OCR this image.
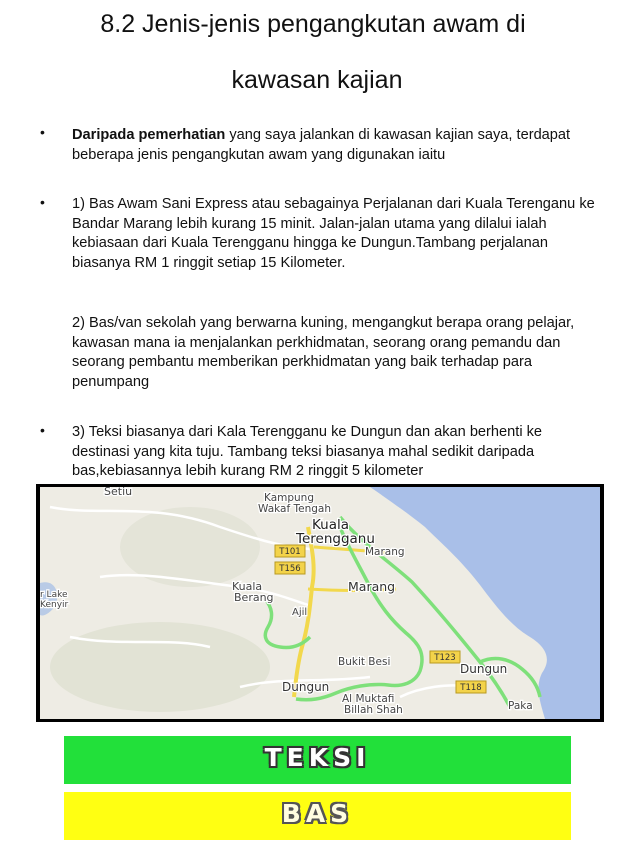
8.2 Jenis-jenis pengangkutan awam di
kawasan kajian
• Daripada pemerhatian yang saya jalankan di kawasan kajian saya, terdapat beberapa jenis pengangkutan awam yang digunakan iaitu

• 1) Bas Awam Sani Express atau sebagainya Perjalanan dari Kuala Terenganu ke Bandar Marang lebih kurang 15 minit. Jalan-jalan utama yang dilalui ialah kebiasaan dari Kuala Terengganu hingga ke Dungun.Tambang perjalanan biasanya RM 1 ringgit setiap 15 Kilometer.

2) Bas/van sekolah yang berwarna kuning, mengangkut berapa orang pelajar, kawasan mana ia menjalankan perkhidmatan, seorang orang pemandu dan seorang pembantu memberikan perkhidmatan yang baik terhadap para penumpang

• 3) Teksi biasanya dari Kala Terengganu ke Dungun dan akan berhenti ke destinasi yang kita tuju. Tambang teksi biasanya mahal sedikit daripada bas,kebiasannya lebih kurang RM 2 ringgit 5 kilometer

T101
T156
T123
T118
Setiu	Kampung
Wakaf Tengah
Kuala
Terengganu
Marang
Marang
Kuala
Berang
Ajil
r Lake
Kenyir
Bukit Besi	Dungun
Dungun
Al Muktafi
Billah Shah	Paka
TEKSI
BAS
